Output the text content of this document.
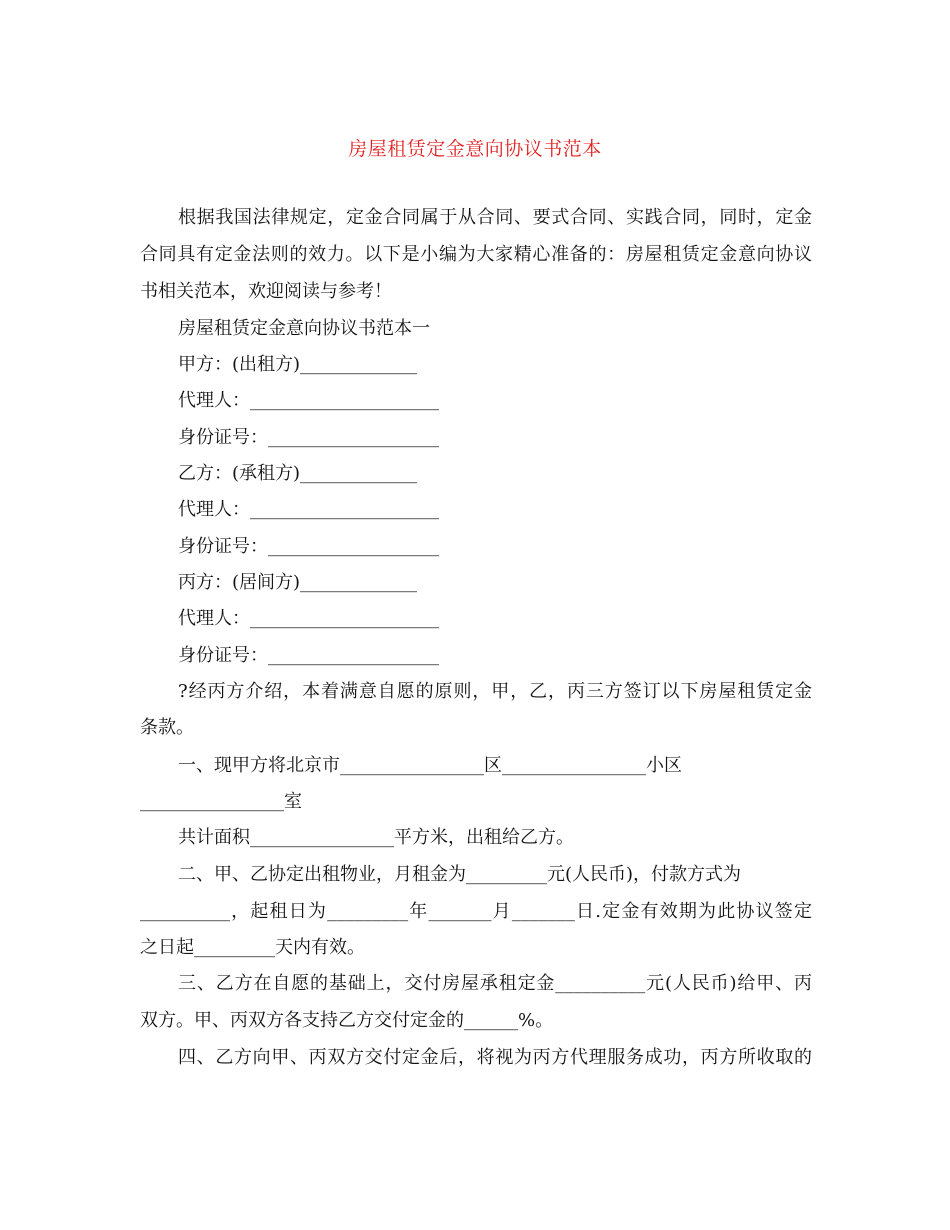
房屋租赁定金意向协议书范本
根据我国法律规定，定金合同属于从合同、要式合同、实践合同，同时，定金
合同具有定金法则的效力。以下是小编为大家精心准备的：房屋租赁定金意向协议
书相关范本，欢迎阅读与参考！
房屋租赁定金意向协议书范本一
甲方：(出租方)_____________
代理人：_____________________
身份证号：___________________
乙方：(承租方)_____________
代理人：_____________________
身份证号：___________________
丙方：(居间方)_____________
代理人：_____________________
身份证号：___________________
?经丙方介绍，本着满意自愿的原则，甲，乙，丙三方签订以下房屋租赁定金
条款。
一、现甲方将北京市________________区________________小区
________________室
共计面积________________平方米，出租给乙方。
二、甲、乙协定出租物业，月租金为_________元(人民币)，付款方式为
__________，起租日为_________年_______月_______日.定金有效期为此协议签定
之日起_________天内有效。
三、乙方在自愿的基础上，交付房屋承租定金__________元(人民币)给甲、丙
双方。甲、丙双方各支持乙方交付定金的______%。
四、乙方向甲、丙双方交付定金后，将视为丙方代理服务成功，丙方所收取的
